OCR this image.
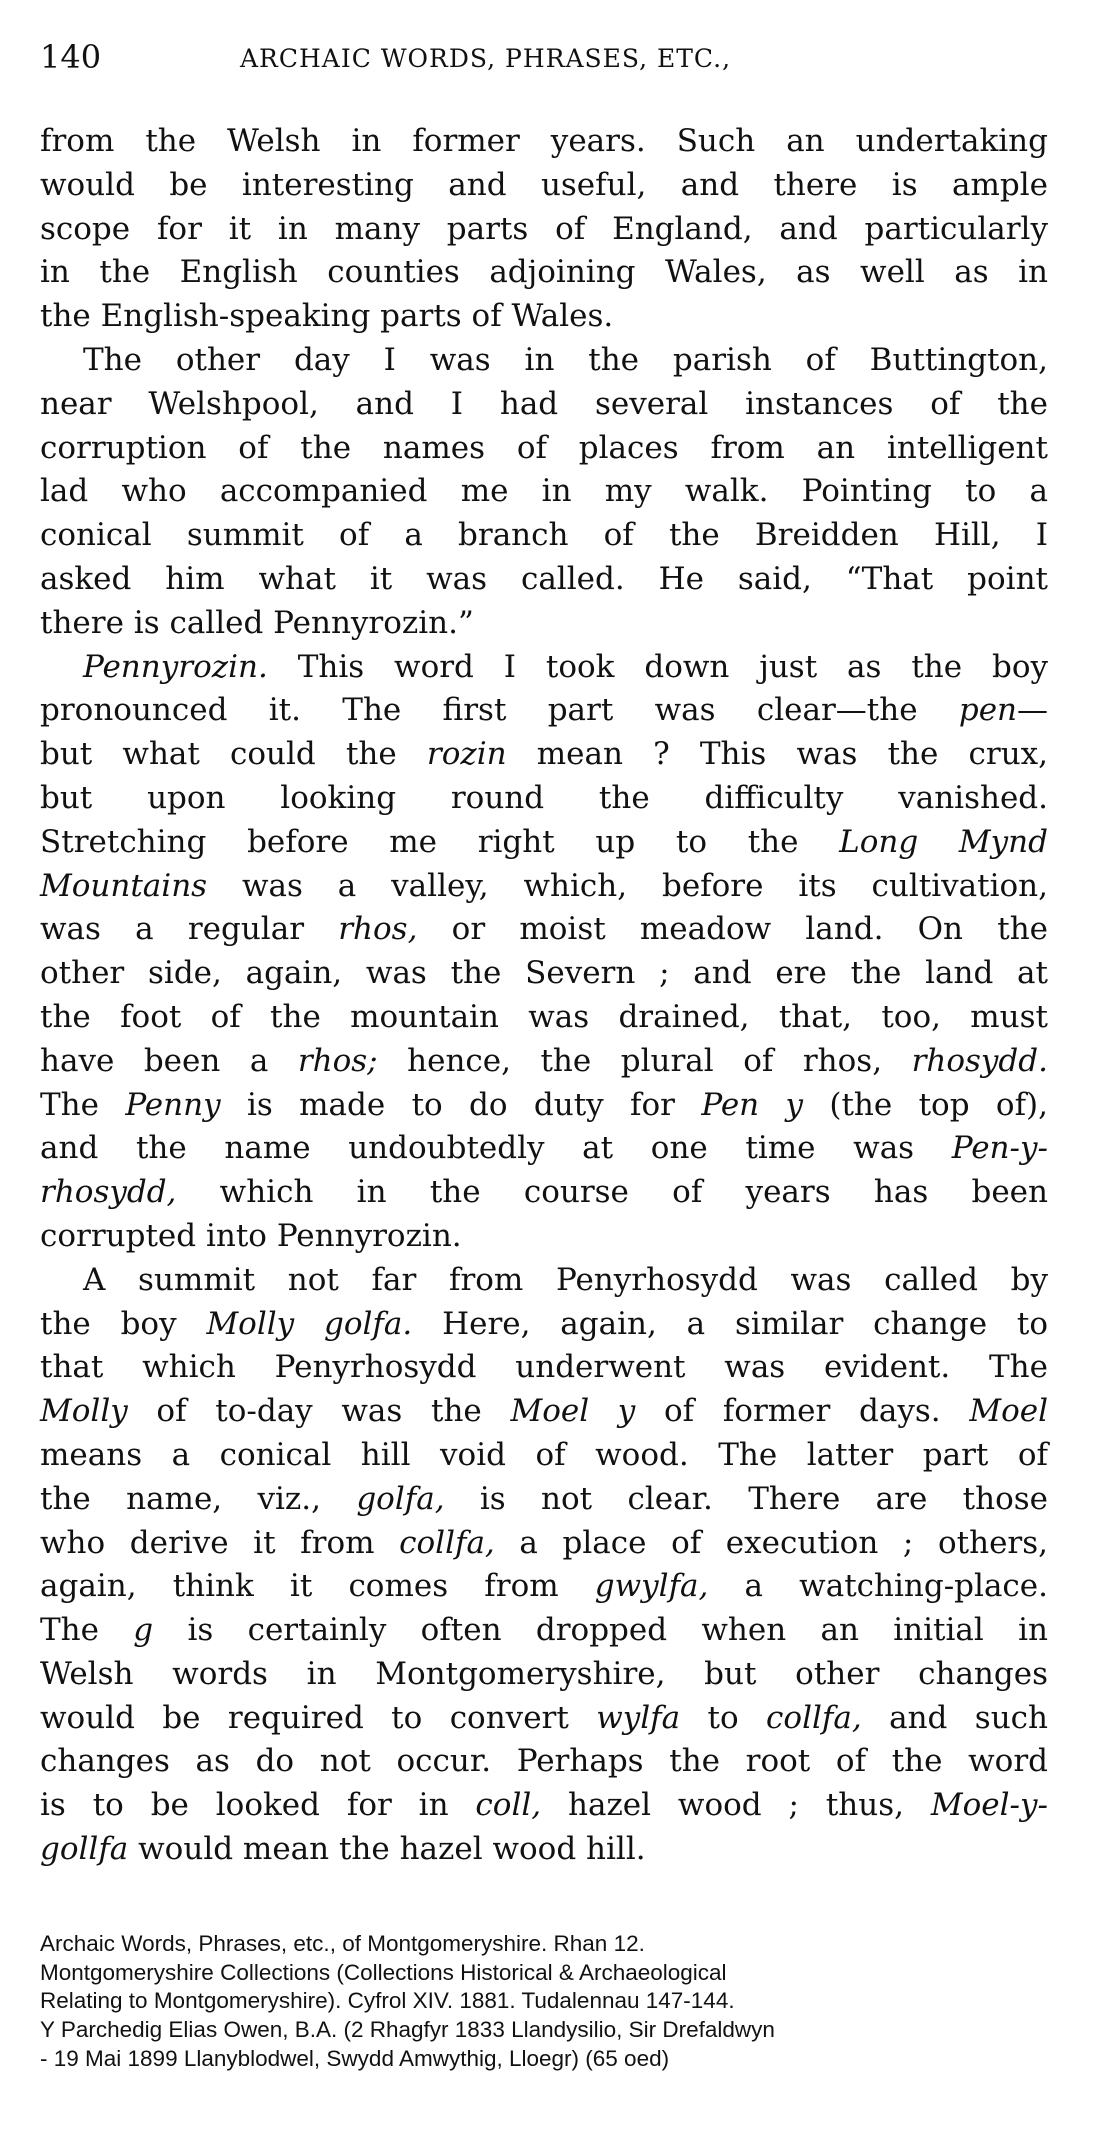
140	ARCHAIC WORDS, PHRASES, ETC.,
from the Welsh in former years. Such an undertaking
would be interesting and useful, and there is ample
scope for it in many parts of England, and particularly
in the English counties adjoining Wales, as well as in
the English-speaking parts of Wales.
The other day I was in the parish of Buttington,
near Welshpool, and I had several instances of the
corruption of the names of places from an intelligent
lad who accompanied me in my walk. Pointing to a
conical summit of a branch of the Breidden Hill, I
asked him what it was called. He said, “That point
there is called Pennyrozin.”
Pennyrozin. This word I took down just as the boy
pronounced it. The first part was clear—the pen—
but what could the rozin mean ? This was the crux,
but upon looking round the difficulty vanished.
Stretching before me right up to the Long Mynd
Mountains was a valley, which, before its cultivation,
was a regular rhos, or moist meadow land. On the
other side, again, was the Severn ; and ere the land at
the foot of the mountain was drained, that, too, must
have been a rhos; hence, the plural of rhos, rhosydd.
The Penny is made to do duty for Pen y (the top of),
and the name undoubtedly at one time was Pen-y-
rhosydd, which in the course of years has been
corrupted into Pennyrozin.
A summit not far from Penyrhosydd was called by
the boy Molly golfa. Here, again, a similar change to
that which Penyrhosydd underwent was evident. The
Molly of to-day was the Moel y of former days. Moel
means a conical hill void of wood. The latter part of
the name, viz., golfa, is not clear. There are those
who derive it from collfa, a place of execution ; others,
again, think it comes from gwylfa, a watching-place.
The g is certainly often dropped when an initial in
Welsh words in Montgomeryshire, but other changes
would be required to convert wylfa to collfa, and such
changes as do not occur. Perhaps the root of the word
is to be looked for in coll, hazel wood ; thus, Moel-y-
gollfa would mean the hazel wood hill.
Archaic Words, Phrases, etc., of Montgomeryshire. Rhan 12.
Montgomeryshire Collections (Collections Historical & Archaeological
Relating to Montgomeryshire). Cyfrol XIV. 1881. Tudalennau 147-144.
Y Parchedig Elias Owen, B.A. (2 Rhagfyr 1833 Llandysilio, Sir Drefaldwyn
- 19 Mai 1899 Llanyblodwel, Swydd Amwythig, Lloegr) (65 oed)
